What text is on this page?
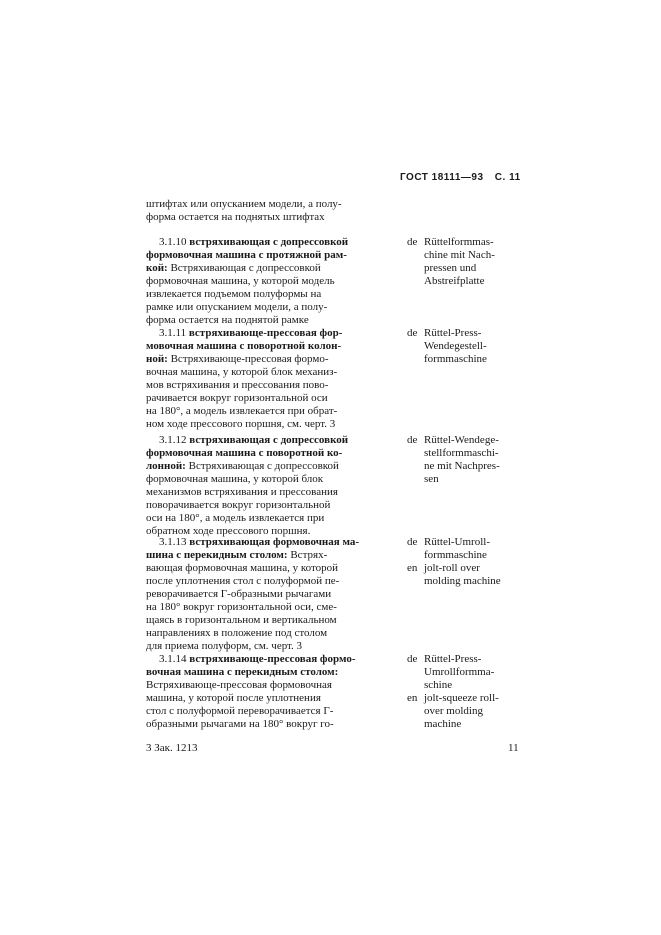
ГОСТ 18111—93 С. 11
штифтах или опусканием модели, а полу-
форма остается на поднятых штифтах
3.1.10 встряхивающая с допрессовкой
формовочная машина с протяжной рам-
кой: Встряхивающая с допрессовкой
формовочная машина, у которой модель
извлекается подъемом полуформы на
рамке или опусканием модели, а полу-
форма остается на поднятой рамке
de Rüttelformmas-
chine mit Nach-
pressen und
Abstreifplatte
3.1.11 встряхивающе-прессовая фор-
мовочная машина с поворотной колон-
ной: Встряхивающе-прессовая формо-
вочная машина, у которой блок механиз-
мов встряхивания и прессования пово-
рачивается вокруг горизонтальной оси
на 180°, а модель извлекается при обрат-
ном ходе прессового поршня, см. черт. 3
de Rüttel-Press-
Wendegestell-
formmaschine
3.1.12 встряхивающая с допрессовкой
формовочная машина с поворотной ко-
лонной: Встряхивающая с допрессовкой
формовочная машина, у которой блок
механизмов встряхивания и прессования
поворачивается вокруг горизонтальной
оси на 180°, а модель извлекается при
обратном ходе прессового поршня.
de Rüttel-Wendege-
stellformmaschi-
ne mit Nachpres-
sen
3.1.13 встряхивающая формовочная ма-
шина с перекидным столом: Встрях-
вающая формовочная машина, у которой
после уплотнения стол с полуформой пе-
реворачивается Г-образными рычагами
на 180° вокруг горизонтальной оси, сме-
щаясь в горизонтальном и вертикальном
направлениях в положение под столом
для приема полуформ, см. черт. 3
de Rüttel-Umroll-
formmaschine
en jolt-roll over
molding machine
3.1.14 встряхивающе-прессовая формо-
вочная машина с перекидным столом:
Встряхивающе-прессовая формовочная
машина, у которой после уплотнения
стол с полуформой переворачивается Г-
образными рычагами на 180° вокруг го-
de Rüttel-Press-
Umrollformma-
schine
en jolt-squeeze roll-
over molding
machine
3 Зак. 1213	11
